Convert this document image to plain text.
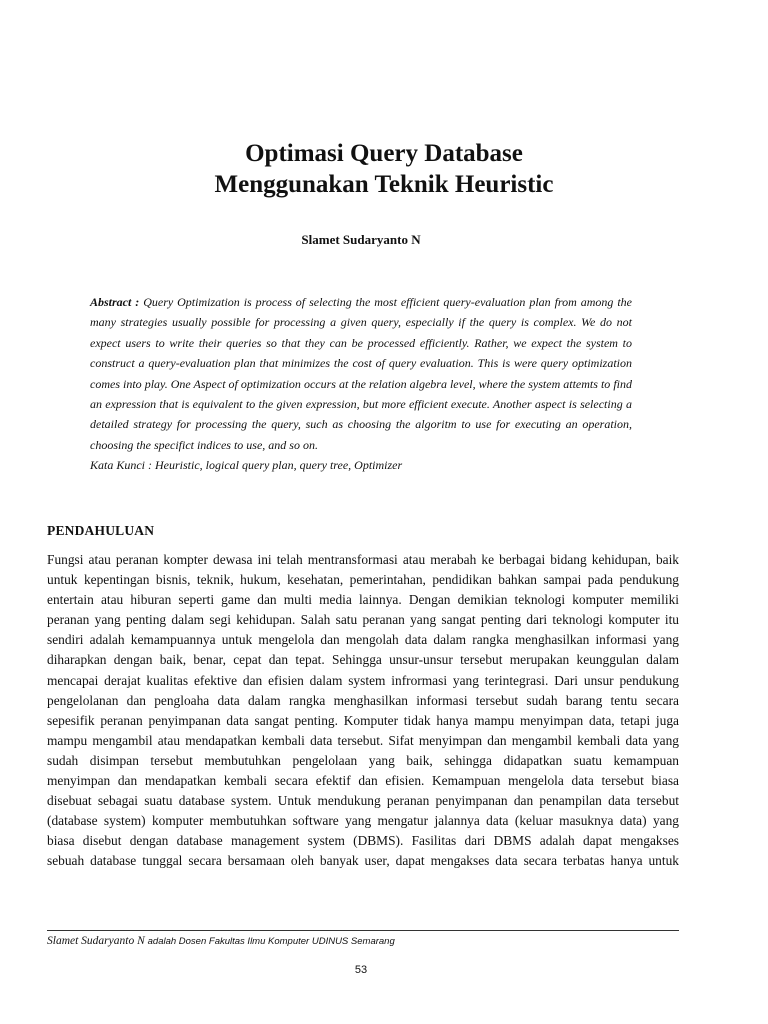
Optimasi Query Database
Menggunakan Teknik Heuristic
Slamet Sudaryanto N
Abstract : Query Optimization is process of selecting the most efficient query-evaluation plan from among the many strategies usually possible for processing a given query, especially if the query is complex. We do not expect users to write their queries so that they can be processed efficiently. Rather, we expect the system to construct a query-evaluation plan that minimizes the cost of query evaluation. This is were query optimization comes into play. One Aspect of optimization occurs at the relation algebra level, where the system attemts to find an expression that is equivalent to the given expression, but more efficient execute. Another aspect is selecting a detailed strategy for processing the query, such as choosing the algoritm to use for executing an operation, choosing the specifict indices to use, and so on.
Kata Kunci : Heuristic, logical query plan, query tree, Optimizer
PENDAHULUAN
Fungsi atau peranan kompter dewasa ini telah mentransformasi atau merabah ke berbagai bidang kehidupan, baik
untuk kepentingan bisnis, teknik, hukum, kesehatan, pemerintahan, pendidikan bahkan sampai pada pendukung
entertain atau hiburan seperti game dan multi media lainnya. Dengan demikian teknologi komputer memiliki
peranan yang penting dalam segi kehidupan. Salah satu peranan yang sangat penting dari teknologi komputer itu
sendiri adalah kemampuannya untuk mengelola dan mengolah data dalam rangka menghasilkan informasi yang
diharapkan dengan baik, benar, cepat dan tepat. Sehingga unsur-unsur tersebut merupakan keunggulan dalam
mencapai derajat kualitas efektive dan efisien dalam system infrormasi yang terintegrasi. Dari unsur pendukung
pengelolanan dan pengloaha data dalam rangka menghasilkan informasi tersebut sudah barang tentu secara
sepesifik peranan penyimpanan data sangat penting. Komputer tidak hanya mampu menyimpan data, tetapi juga
mampu mengambil atau mendapatkan kembali data tersebut. Sifat menyimpan dan mengambil kembali data yang
sudah disimpan tersebut membutuhkan pengelolaan yang baik, sehingga didapatkan suatu kemampuan
menyimpan dan mendapatkan kembali secara efektif dan efisien. Kemampuan mengelola data tersebut biasa
disebuat sebagai suatu database system. Untuk mendukung peranan penyimpanan dan penampilan data tersebut
(database system) komputer membutuhkan software yang mengatur jalannya data (keluar masuknya data) yang
biasa disebut dengan database management system (DBMS). Fasilitas dari DBMS adalah dapat mengakses
sebuah database tunggal secara bersamaan oleh banyak user, dapat mengakses data secara terbatas hanya untuk
Slamet Sudaryanto N adalah Dosen Fakultas Ilmu Komputer UDINUS Semarang
53
